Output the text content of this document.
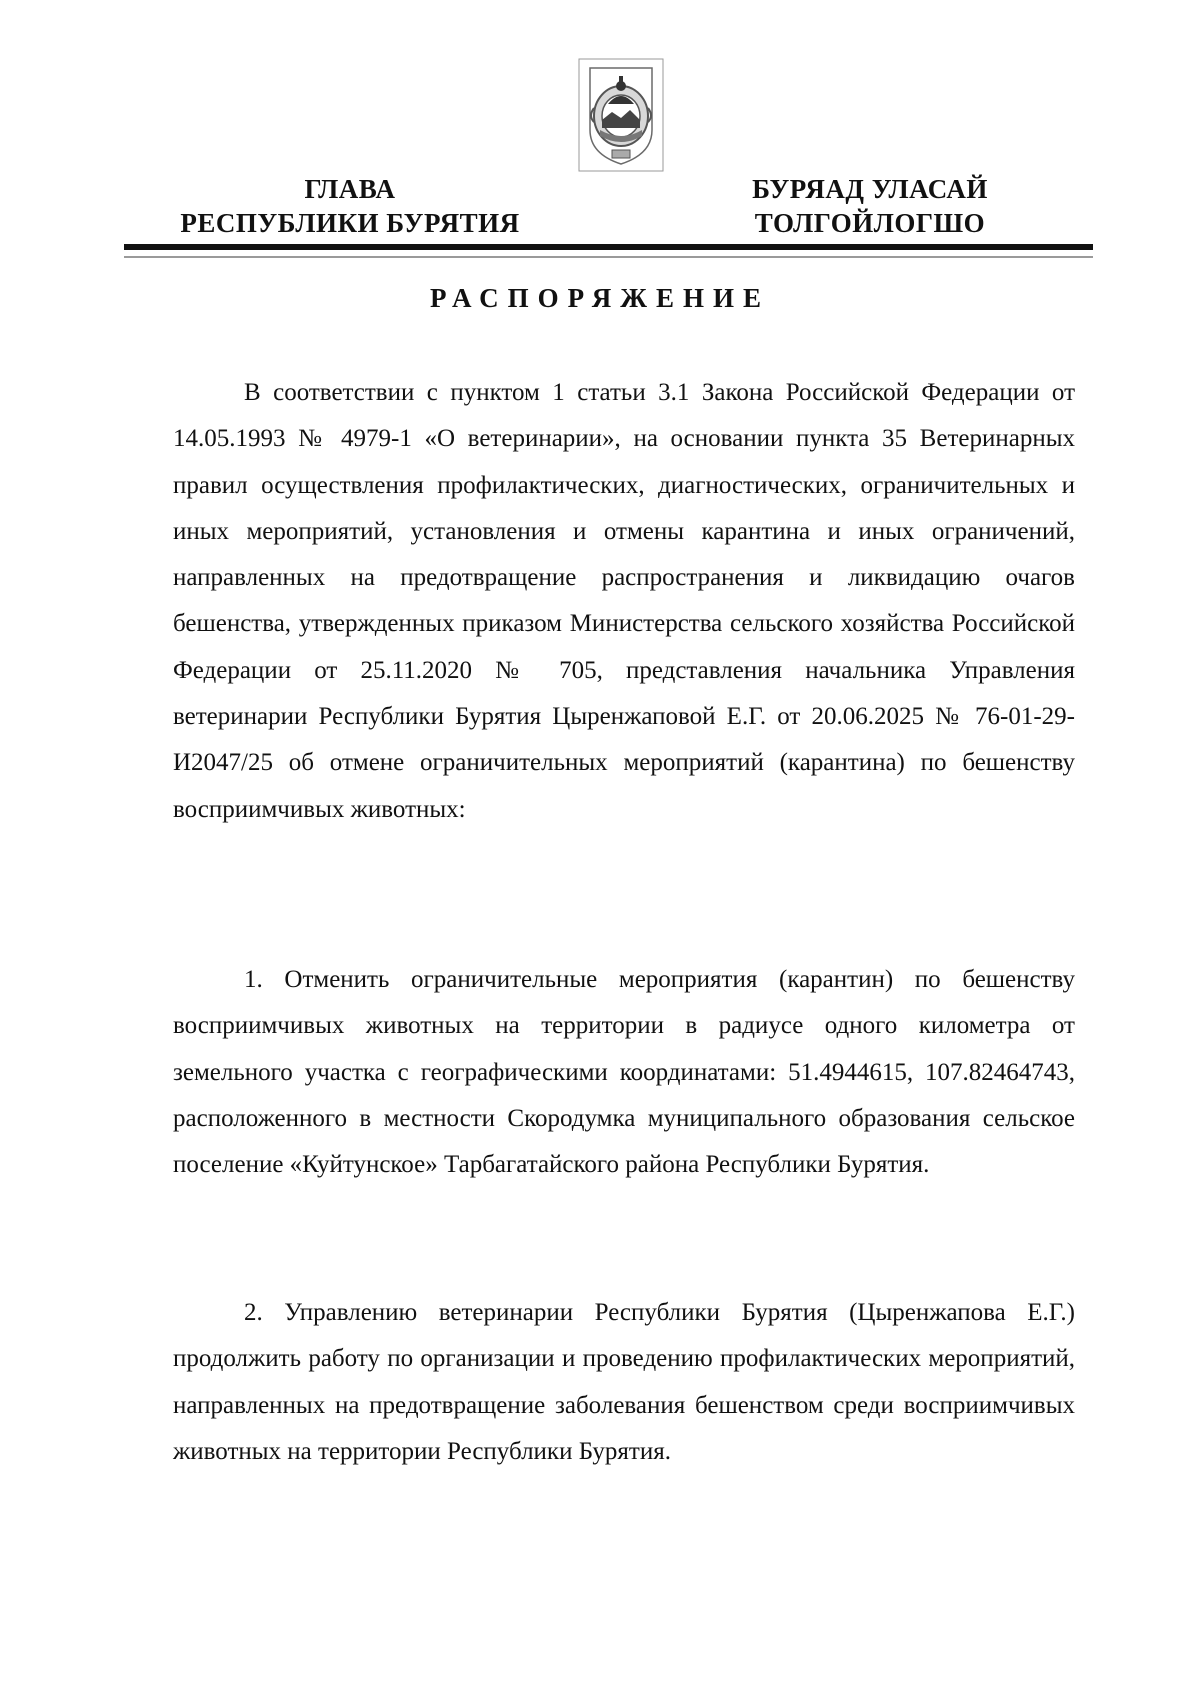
ГЛАВА
РЕСПУБЛИКИ БУРЯТИЯ
БУРЯАД УЛАСАЙ
ТОЛГОЙЛОГШО
РАСПОРЯЖЕНИЕ

В соответствии с пунктом 1 статьи 3.1 Закона Российской Федерации от 14.05.1993 № 4979-1 «О ветеринарии», на основании пункта 35 Ветеринарных правил осуществления профилактических, диагностических, ограничительных и иных мероприятий, установления и отмены карантина и иных ограничений, направленных на предотвращение распространения и ликвидацию очагов бешенства, утвержденных приказом Министерства сельского хозяйства Российской Федерации от 25.11.2020 № 705, представления начальника Управления ветеринарии Республики Бурятия Цыренжаповой Е.Г. от 20.06.2025 № 76-01-29-И2047/25 об отмене ограничительных мероприятий (карантина) по бешенству восприимчивых животных:

1. Отменить ограничительные мероприятия (карантин) по бешенству восприимчивых животных на территории в радиусе одного километра от земельного участка с географическими координатами: 51.4944615, 107.82464743, расположенного в местности Скородумка муниципального образования сельское поселение «Куйтунское» Тарбагатайского района Республики Бурятия.

2. Управлению ветеринарии Республики Бурятия (Цыренжапова Е.Г.) продолжить работу по организации и проведению профилактических мероприятий, направленных на предотвращение заболевания бешенством среди восприимчивых животных на территории Республики Бурятия.
